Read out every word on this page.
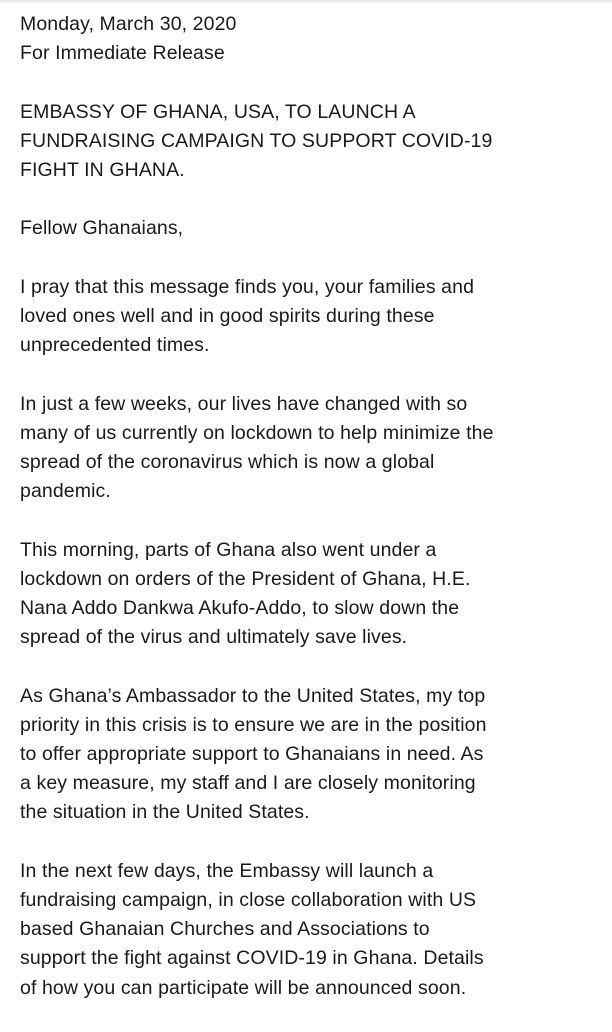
Monday, March 30, 2020
For Immediate Release

EMBASSY OF GHANA, USA, TO LAUNCH A
FUNDRAISING CAMPAIGN TO SUPPORT COVID-19
FIGHT IN GHANA.

Fellow Ghanaians,

I pray that this message finds you, your families and
loved ones well and in good spirits during these
unprecedented times.

In just a few weeks, our lives have changed with so
many of us currently on lockdown to help minimize the
spread of the coronavirus which is now a global
pandemic.

This morning, parts of Ghana also went under a
lockdown on orders of the President of Ghana, H.E.
Nana Addo Dankwa Akufo-Addo, to slow down the
spread of the virus and ultimately save lives.

As Ghana’s Ambassador to the United States, my top
priority in this crisis is to ensure we are in the position
to offer appropriate support to Ghanaians in need. As
a key measure, my staff and I are closely monitoring
the situation in the United States.

In the next few days, the Embassy will launch a
fundraising campaign, in close collaboration with US
based Ghanaian Churches and Associations to
support the fight against COVID-19 in Ghana. Details
of how you can participate will be announced soon.
